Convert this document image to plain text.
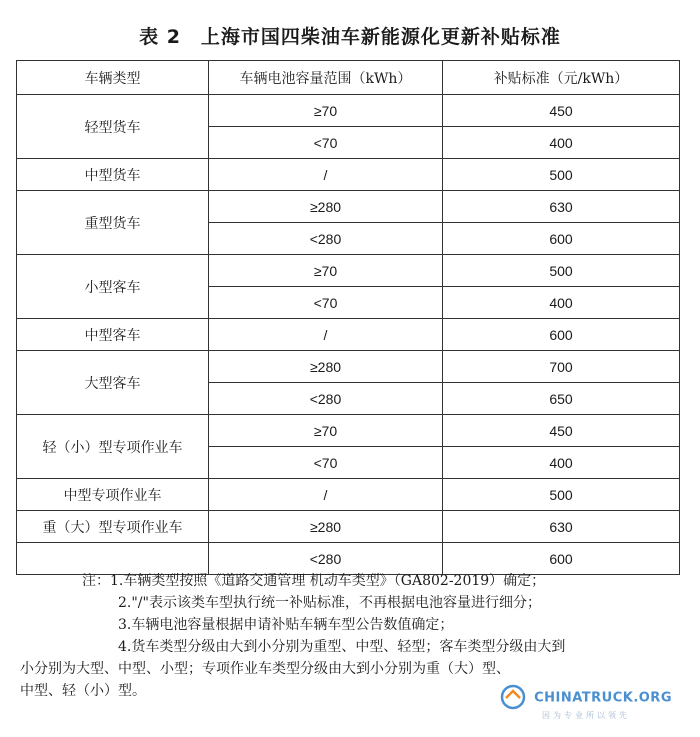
表 2　上海市国四柴油车新能源化更新补贴标准
车辆类型	车辆电池容量范围（kWh）	补贴标准（元/kWh）
轻型货车	≥70	450
	<70	400
中型货车	/	500
重型货车	≥280	630
	<280	600
小型客车	≥70	500
	<70	400
中型客车	/	600
大型客车	≥280	700
	<280	650
轻（小）型专项作业车	≥70	450
	<70	400
中型专项作业车	/	500
重（大）型专项作业车	≥280	630
	<280	600

注：1.车辆类型按照《道路交通管理 机动车类型》（GA802-2019）确定；

2."/"表示该类车型执行统一补贴标准，不再根据电池容量进行细分；

3.车辆电池容量根据申请补贴车辆车型公告数值确定；

4.货车类型分级由大到小分别为重型、中型、轻型；客车类型分级由大到

小分别为大型、中型、小型；专项作业车类型分级由大到小分别为重（大）型、

中型、轻（小）型。	CHINATRUCK.ORG
因为专业所以领先
